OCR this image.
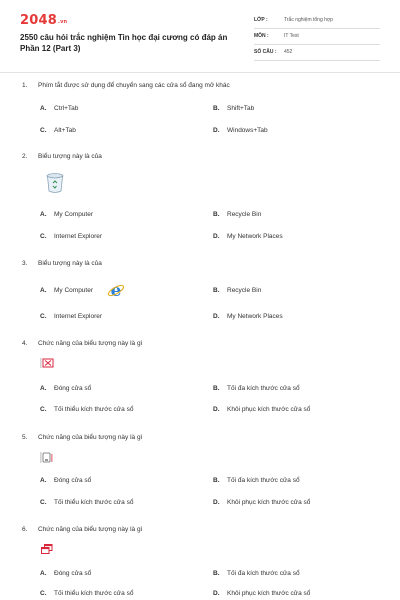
2048.vn
2550 câu hỏi trắc nghiệm Tin học đại cương có đáp án Phần 12 (Part 3)
LỚP :	Trắc nghiệm tổng hợp
MÔN :	IT Test
SỐ CÂU : 452
1. Phím tắt được sử dụng để chuyển sang các cửa sổ đang mở khác
A. Ctrl+Tab	B. Shift+Tab
C. Alt+Tab	D. Windows+Tab
2. Biểu tượng này là của
A. My Computer	B. Recycle Bin
C. Internet Explorer	D. My Network Places
3. Biểu tượng này là của
A. My Computer e	B. Recycle Bin
C. Internet Explorer	D. My Network Places
4. Chức năng của biểu tượng này là gì
A. Đóng cửa sổ	B. Tối đa kích thước cửa sổ
C. Tối thiểu kích thước cửa sổ	D. Khôi phục kích thước cửa sổ
5. Chức năng của biểu tượng này là gì
A. Đóng cửa sổ	B. Tối đa kích thước cửa sổ
C. Tối thiểu kích thước cửa sổ	D. Khôi phục kích thước cửa sổ
6. Chức năng của biểu tượng này là gì
A. Đóng cửa sổ	B. Tối đa kích thước cửa sổ
C. Tối thiểu kích thước cửa sổ	D. Khôi phục kích thước cửa sổ
